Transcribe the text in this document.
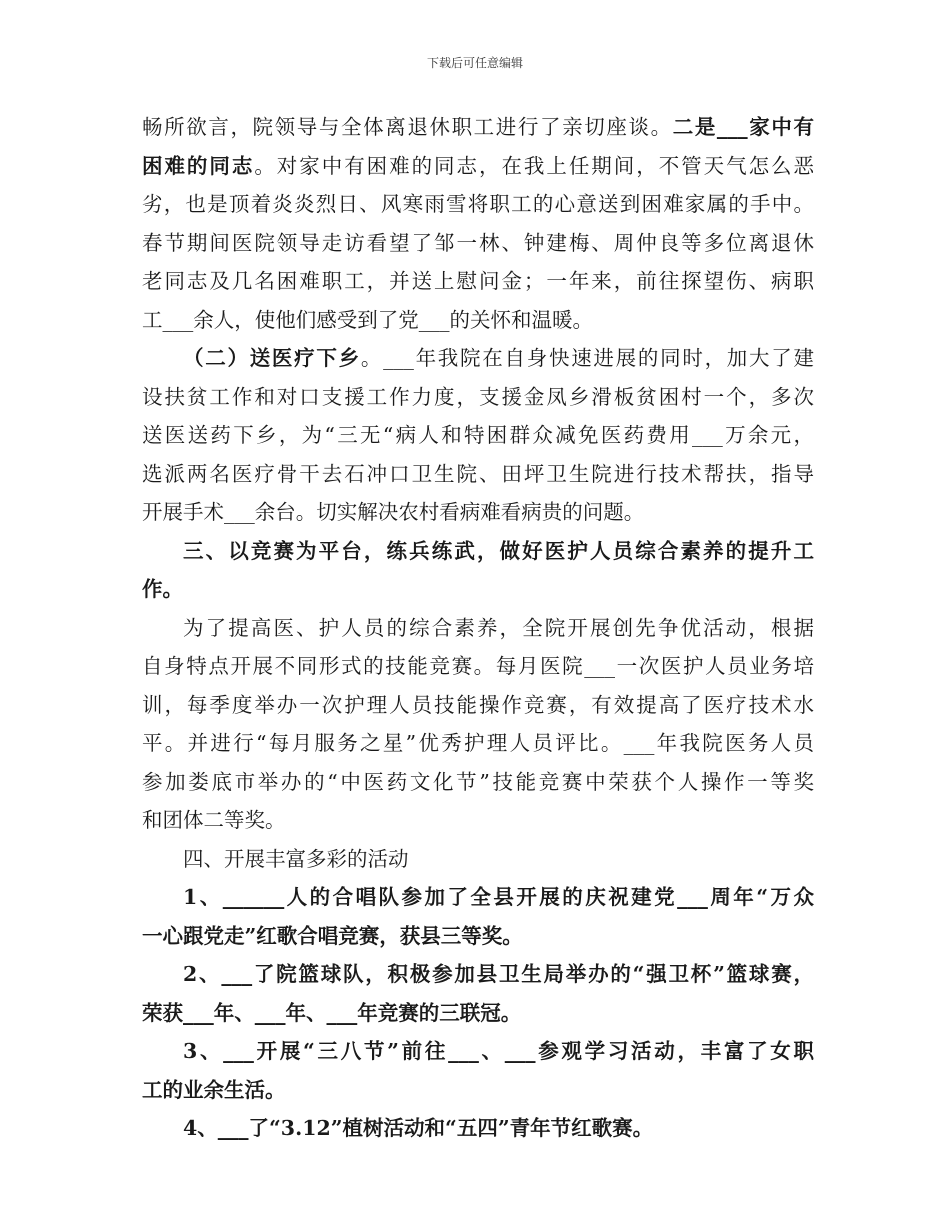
下载后可任意编辑
畅所欲言，院领导与全体离退休职工进行了亲切座谈。二是___家中有
困难的同志。对家中有困难的同志，在我上任期间，不管天气怎么恶
劣，也是顶着炎炎烈日、风寒雨雪将职工的心意送到困难家属的手中。
春节期间医院领导走访看望了邹一林、钟建梅、周仲良等多位离退休
老同志及几名困难职工，并送上慰问金；一年来，前往探望伤、病职
工___余人，使他们感受到了党___的关怀和温暖。
（二）送医疗下乡。___年我院在自身快速进展的同时，加大了建
设扶贫工作和对口支援工作力度，支援金凤乡滑板贫困村一个，多次
送医送药下乡，为“三无“病人和特困群众减免医药费用___万余元，
选派两名医疗骨干去石冲口卫生院、田坪卫生院进行技术帮扶，指导
开展手术___余台。切实解决农村看病难看病贵的问题。
三、以竞赛为平台，练兵练武，做好医护人员综合素养的提升工
作。
为了提高医、护人员的综合素养，全院开展创先争优活动，根据
自身特点开展不同形式的技能竞赛。每月医院___一次医护人员业务培
训，每季度举办一次护理人员技能操作竞赛，有效提高了医疗技术水
平。并进行“每月服务之星”优秀护理人员评比。___年我院医务人员
参加娄底市举办的“中医药文化节”技能竞赛中荣获个人操作一等奖
和团体二等奖。
四、开展丰富多彩的活动
1、______人的合唱队参加了全县开展的庆祝建党___周年“万众
一心跟党走”红歌合唱竞赛，获县三等奖。
2、___了院篮球队，积极参加县卫生局举办的“强卫杯”篮球赛，
荣获___年、___年、___年竞赛的三联冠。
3、___开展“三八节”前往___、___参观学习活动，丰富了女职
工的业余生活。
4、___了“3.12”植树活动和“五四”青年节红歌赛。
